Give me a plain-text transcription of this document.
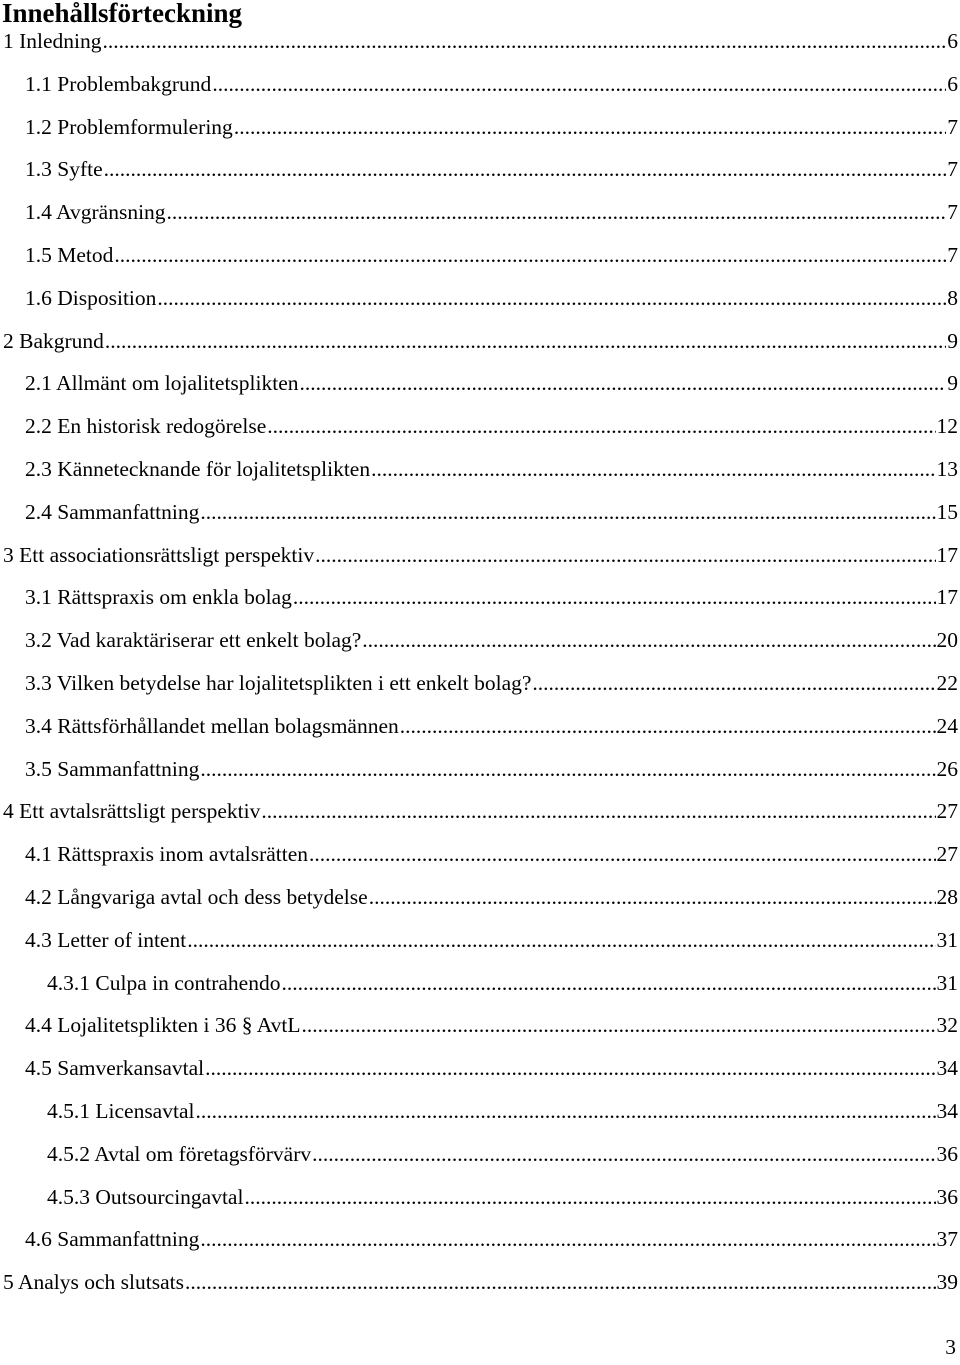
Innehållsförteckning
1 Inledning .....	6
1.1 Problembakgrund .....	6
1.2 Problemformulering .....	7
1.3 Syfte .....	7
1.4 Avgränsning .....	7
1.5 Metod .....	7
1.6 Disposition .....	8
2 Bakgrund .....	9
2.1 Allmänt om lojalitetsplikten .....	9
2.2 En historisk redogörelse .....	12
2.3 Kännetecknande för lojalitetsplikten .....	13
2.4 Sammanfattning .....	15
3 Ett associationsrättsligt perspektiv .....	17
3.1 Rättspraxis om enkla bolag .....	17
3.2 Vad karaktäriserar ett enkelt bolag? .....	20
3.3 Vilken betydelse har lojalitetsplikten i ett enkelt bolag? .....	22
3.4 Rättsförhållandet mellan bolagsmännen .....	24
3.5 Sammanfattning .....	26
4 Ett avtalsrättsligt perspektiv .....	27
4.1 Rättspraxis inom avtalsrätten .....	27
4.2 Långvariga avtal och dess betydelse .....	28
4.3 Letter of intent .....	31
4.3.1 Culpa in contrahendo .....	31
4.4 Lojalitetsplikten i 36 § AvtL .....	32
4.5 Samverkansavtal .....	34
4.5.1 Licensavtal .....	34
4.5.2 Avtal om företagsförvärv .....	36
4.5.3 Outsourcingavtal .....	36
4.6 Sammanfattning .....	37
5 Analys och slutsats .....	39
3
